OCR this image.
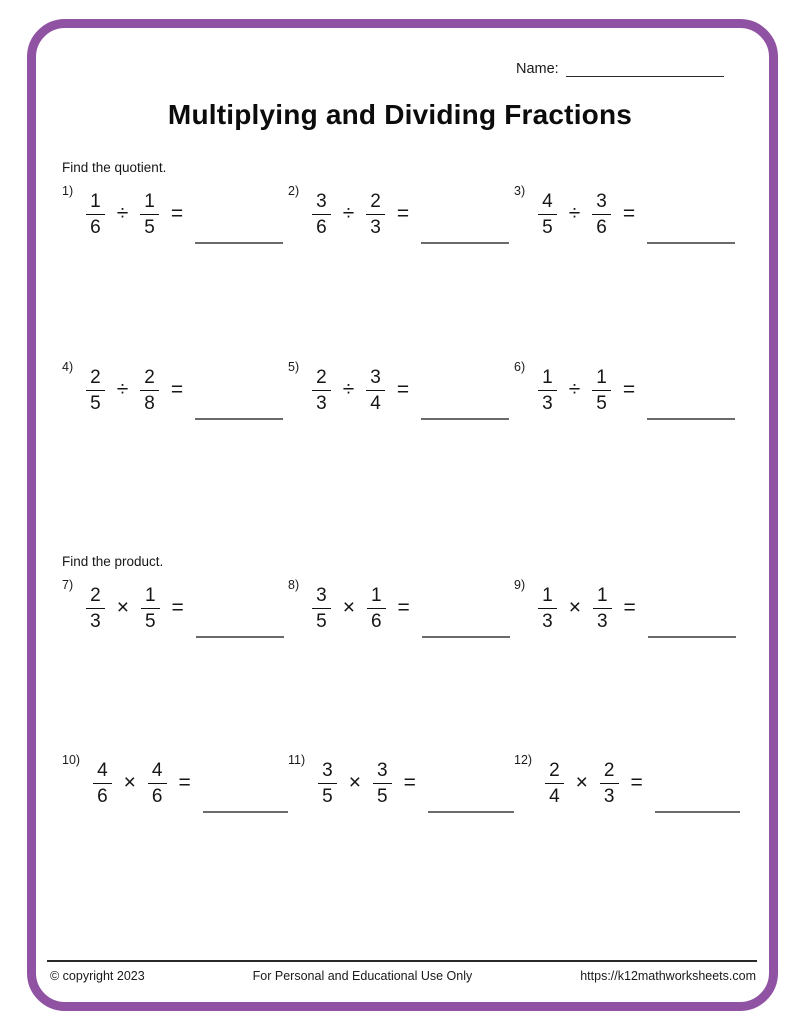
Name:
Multiplying and Dividing Fractions
Find the quotient.
1)
$\frac{1}{6} \div \frac{1}{5}$ =
2)
$\frac{3}{6} \div \frac{2}{3}$ =
3)
$\frac{4}{5} \div \frac{3}{6}$ =
4)
$\frac{2}{5} \div \frac{2}{8}$ =
5)
$\frac{2}{3} \div \frac{3}{4}$ =
6)
$\frac{1}{3} \div \frac{1}{5}$ =
Find the product.
7)
$\frac{2}{3} \times \frac{1}{5}$ =
8)
$\frac{3}{5} \times \frac{1}{6}$ =
9)
$\frac{1}{3} \times \frac{1}{3}$ =
10)
$\frac{4}{6} \times \frac{4}{6}$ =
11)
$\frac{3}{5} \times \frac{3}{5}$ =
12)
$\frac{2}{4} \times \frac{2}{3}$ =
© copyright 2023	For Personal and Educational Use Only	https://k12mathworksheets.com
